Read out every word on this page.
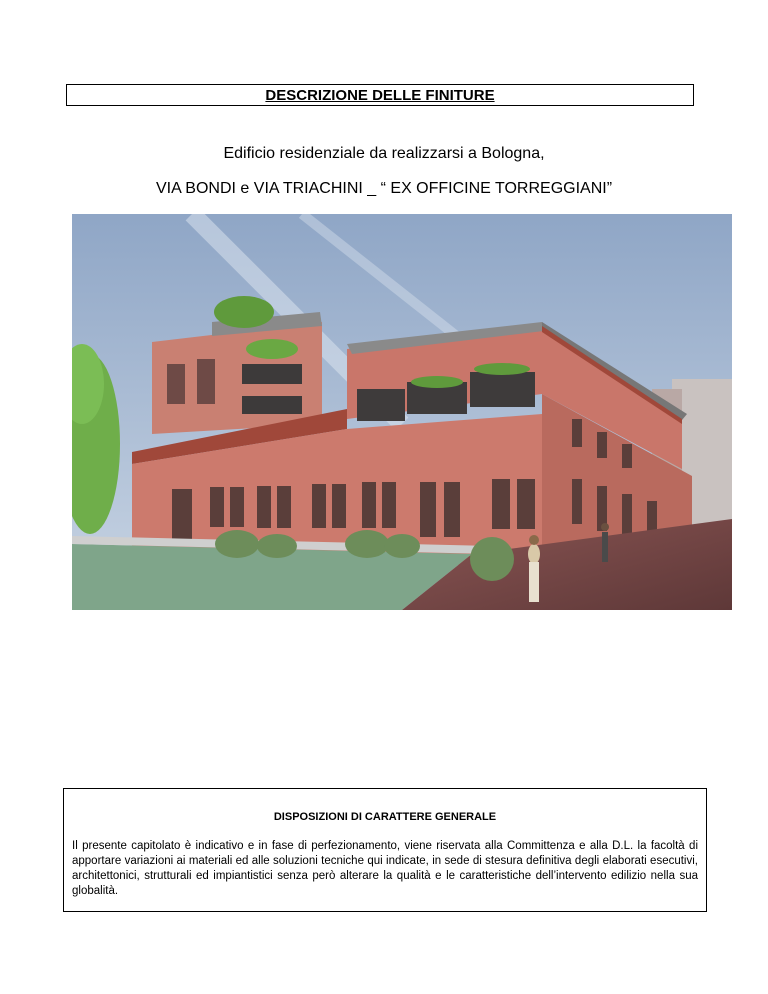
DESCRIZIONE DELLE FINITURE
Edificio residenziale da realizzarsi a Bologna,
VIA BONDI e VIA TRIACHINI _ “ EX OFFICINE TORREGGIANI”
DISPOSIZIONI DI CARATTERE GENERALE
Il presente capitolato è indicativo e in fase di perfezionamento, viene riservata alla Committenza e alla D.L. la facoltà di apportare variazioni ai materiali ed alle soluzioni tecniche qui indicate, in sede di stesura definitiva degli elaborati esecutivi, architettonici, strutturali ed impiantistici senza però alterare la qualità e le caratteristiche dell’intervento edilizio nella sua globalità.
